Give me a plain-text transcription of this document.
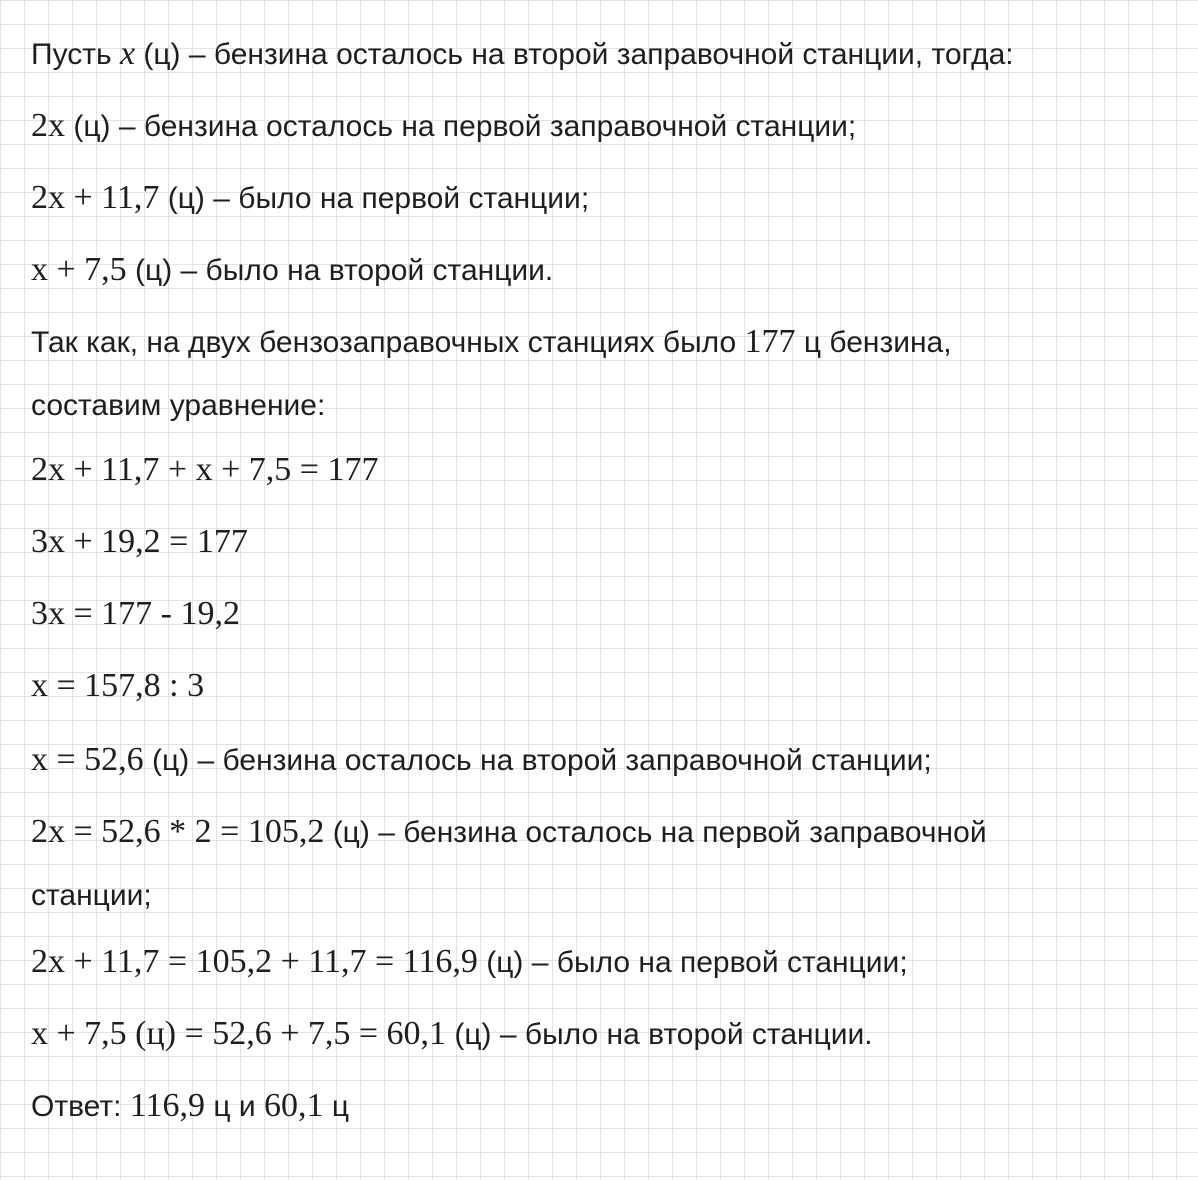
Пусть x (ц) – бензина осталось на второй заправочной станции, тогда:
2x (ц) – бензина осталось на первой заправочной станции;
2x + 11,7 (ц) – было на первой станции;
x + 7,5 (ц) – было на второй станции.
Так как, на двух бензозаправочных станциях было 177 ц бензина,
составим уравнение:
2x + 11,7 + x + 7,5 = 177
3x + 19,2 = 177
3x = 177 - 19,2
x = 157,8 : 3
x = 52,6 (ц) – бензина осталось на второй заправочной станции;
2x = 52,6 * 2 = 105,2 (ц) – бензина осталось на первой заправочной
станции;
2x + 11,7 = 105,2 + 11,7 = 116,9 (ц) – было на первой станции;
x + 7,5 (ц) = 52,6 + 7,5 = 60,1 (ц) – было на второй станции.
Ответ: 116,9 ц и 60,1 ц
